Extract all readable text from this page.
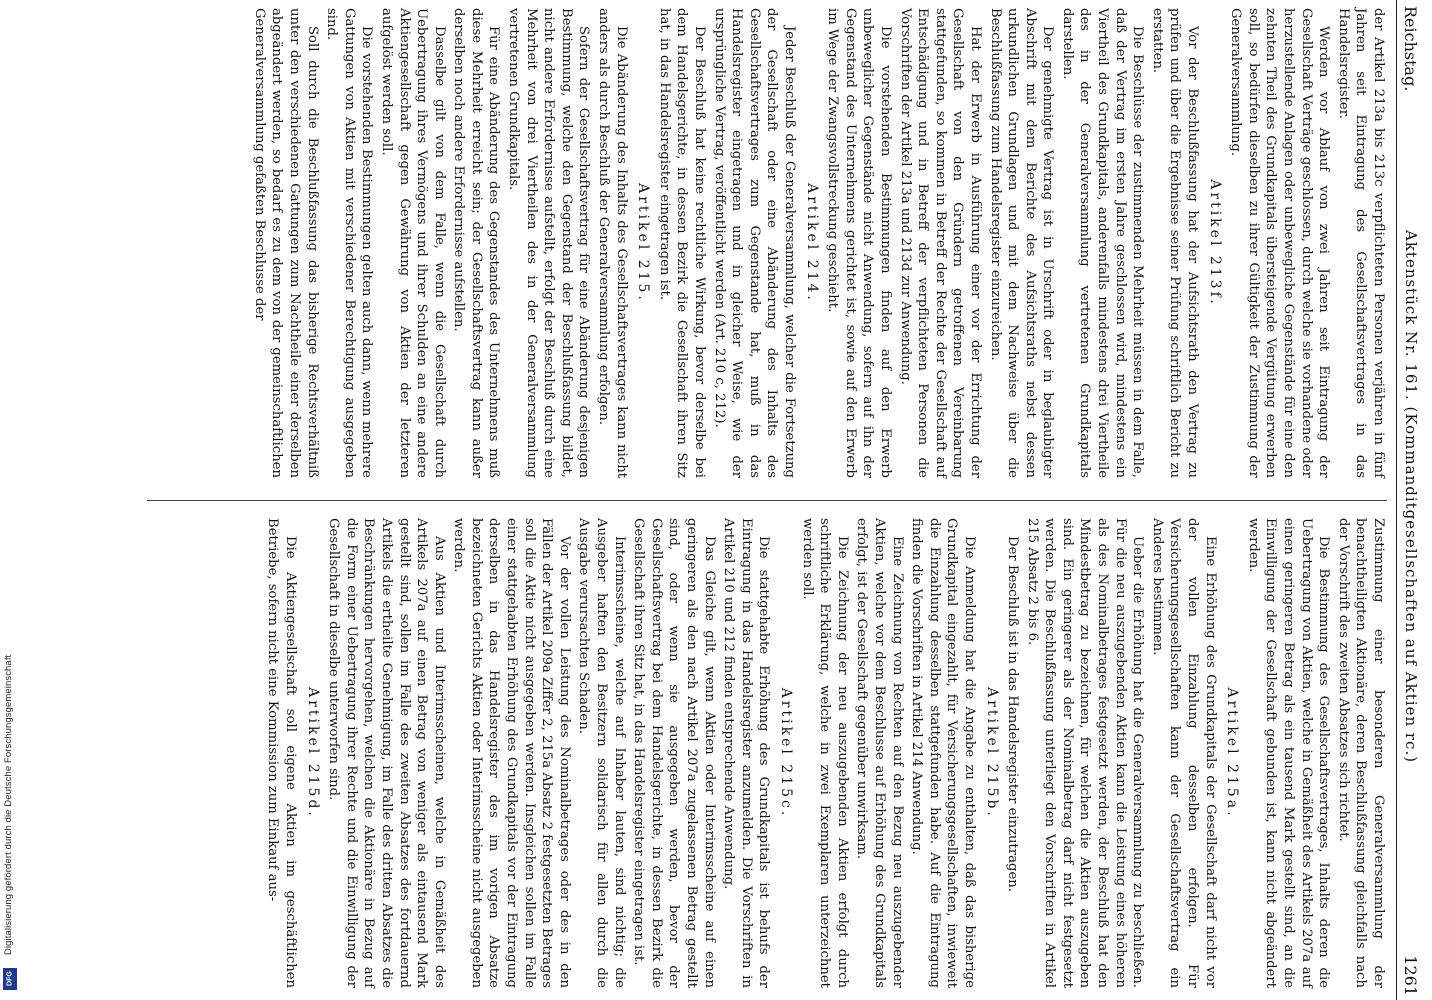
Digitalisierung gefördert durch die Deutsche Forschungsgemeinschaft
DFG
Reichstag.
Aktenstück Nr. 161. (Kommanditgesellschaften auf Aktien rc.)
1261

der Artikel 213a bis 213c verpflichteten Personen verjähren in fünf Jahren seit Eintragung des Gesellschaftsvertrages in das Handelsregister.

Werden vor Ablauf von zwei Jahren seit Eintragung der Gesellschaft Verträge geschlossen, durch welche sie vorhandene oder herzustellende Anlagen oder unbewegliche Gegenstände für eine den zehnten Theil des Grundkapitals übersteigende Vergütung erwerben soll, so bedürfen dieselben zu ihrer Gültigkeit der Zustimmung der Generalversammlung.

Artikel 213f.

Vor der Beschlußfassung hat der Aufsichtsrath den Vertrag zu prüfen und über die Ergebnisse seiner Prüfung schriftlich Bericht zu erstatten.

Die Beschlüsse der zustimmenden Mehrheit müssen in dem Falle, daß der Vertrag im ersten Jahre geschlossen wird, mindestens ein Viertheil des Grundkapitals, anderenfalls mindestens drei Viertheile des in der Generalversammlung vertretenen Grundkapitals darstellen.

Der genehmigte Vertrag ist in Urschrift oder in beglaubigter Abschrift mit dem Berichte des Aufsichtsraths nebst dessen urkundlichen Grundlagen und mit dem Nachweise über die Beschlußfassung zum Handelsregister einzureichen.

Hat der Erwerb in Ausführung einer vor der Errichtung der Gesellschaft von den Gründern getroffenen Vereinbarung stattgefunden, so kommen in Betreff der Rechte der Gesellschaft auf Entschädigung und in Betreff der verpflichteten Personen die Vorschriften der Artikel 213a und 213d zur Anwendung.

Die vorstehenden Bestimmungen finden auf den Erwerb unbeweglicher Gegenstände nicht Anwendung, sofern auf ihn der Gegenstand des Unternehmens gerichtet ist, sowie auf den Erwerb im Wege der Zwangsvollstreckung geschieht.

Artikel 214.

Jeder Beschluß der Generalversammlung, welcher die Fortsetzung der Gesellschaft oder eine Abänderung des Inhalts des Gesellschaftsvertrages zum Gegenstande hat, muß in das Handelsregister eingetragen und in gleicher Weise, wie der ursprüngliche Vertrag, veröffentlicht werden (Art. 210 c, 212).

Der Beschluß hat keine rechtliche Wirkung, bevor derselbe bei dem Handelsgerichte, in dessen Bezirk die Gesellschaft ihren Sitz hat, in das Handelsregister eingetragen ist.

Artikel 215.

Die Abänderung des Inhalts des Gesellschaftsvertrages kann nicht anders als durch Beschluß der Generalversammlung erfolgen.

Sofern der Gesellschaftsvertrag für eine Abänderung desjenigen Bestimmung, welche den Gegenstand der Beschlußfassung bildet, nicht andere Erfordernisse aufstellt, erfolgt der Beschluß durch eine Mehrheit von drei Viertheilen des in der Generalversammlung vertretenen Grundkapitals.

Für eine Abänderung des Gegenstandes des Unternehmens muß diese Mehrheit erreicht sein; der Gesellschaftsvertrag kann außer derselben noch andere Erfordernisse aufstellen.

Dasselbe gilt von dem Falle, wenn die Gesellschaft durch Uebertragung ihres Vermögens und ihrer Schulden an eine andere Aktiengesellschaft gegen Gewährung von Aktien der letzteren aufgelöst werden soll.

Die vorstehenden Bestimmungen gelten auch dann, wenn mehrere Gattungen von Aktien mit verschiedener Berechtigung ausgegeben sind.

Soll durch die Beschlußfassung das bisherige Rechtsverhältniß unter den verschiedenen Gattungen zum Nachtheile einer derselben abgeändert werden, so bedarf es zu dem von der gemeinschaftlichen Generalversammlung gefaßten Beschlusse der

Zustimmung einer besonderen Generalversammlung der benachtheiligten Aktionäre, deren Beschlußfassung gleichfalls nach der Vorschrift des zweiten Absatzes sich richtet.

Die Bestimmung des Gesellschaftsvertrages, Inhalts deren die Uebertragung von Aktien, welche in Gemäßheit des Artikels 207a auf einen geringeren Betrag als ein tausend Mark gestellt sind, an die Einwilligung der Gesellschaft gebunden ist, kann nicht abgeändert werden.

Artikel 215a.

Eine Erhöhung des Grundkapitals der Gesellschaft darf nicht vor der vollen Einzahlung desselben erfolgen. Für Versicherungsgesellschaften kann der Gesellschaftsvertrag ein Anderes bestimmen.

Ueber die Erhöhung hat die Generalversammlung zu beschließen. Für die neu auszugebenden Aktien kann die Leistung eines höheren als des Nominalbetrages festgesetzt werden, der Beschluß hat den Mindestbetrag zu bezeichnen, für welchen die Aktien auszugeben sind. Ein geringerer als der Nominalbetrag darf nicht festgesetzt werden. Die Beschlußfassung unterliegt den Vorschriften in Artikel 215 Absatz 2 bis 6.

Der Beschluß ist in das Handelsregister einzutragen.

Artikel 215b.

Die Anmeldung hat die Angabe zu enthalten, daß das bisherige Grundkapital eingezahlt, für Versicherungsgesellschaften, inwieweit die Einzahlung desselben stattgefunden habe. Auf die Eintragung finden die Vorschriften in Artikel 214 Anwendung.

Eine Zeichnung von Rechten auf den Bezug neu auszugebender Aktien, welche vor dem Beschlusse auf Erhöhung des Grundkapitals erfolgt, ist der Gesellschaft gegenüber unwirksam.

Die Zeichnung der neu auszugebenden Aktien erfolgt durch schriftliche Erklärung, welche in zwei Exemplaren unterzeichnet werden soll.

Artikel 215c.

Die stattgehabte Erhöhung des Grundkapitals ist behufs der Eintragung in das Handelsregister anzumelden. Die Vorschriften in Artikel 210 und 212 finden entsprechende Anwendung.

Das Gleiche gilt, wenn Aktien oder Interimsscheine auf einen geringeren als den nach Artikel 207a zugelassenen Betrag gestellt sind, oder wenn sie ausgegeben werden, bevor der Gesellschaftsvertrag bei dem Handelsgerichte, in dessen Bezirk die Gesellschaft ihren Sitz hat, in das Handelsregister eingetragen ist.

Interimsscheine, welche auf Inhaber lauten, sind nichtig; die Ausgeber haften den Besitzern solidarisch für allen durch die Ausgabe verursachten Schaden.

Vor der vollen Leistung des Nominalbetrages oder des in den Fällen der Artikel 209a Ziffer 2, 215a Absatz 2 festgesetzten Betrages soll die Aktie nicht ausgegeben werden. Insgleichen sollen im Falle einer stattgehabten Erhöhung des Grundkapitals vor der Eintragung derselben in das Handelsregister des im vorigen Absatze bezeichneten Gerichts Aktien oder Interimsscheine nicht ausgegeben werden.

Aus Aktien und Interimsscheinen, welche in Gemäßheit des Artikels 207a auf einen Betrag von weniger als eintausend Mark gestellt sind, sollen im Falle des zweiten Absatzes des fortdauernd Artikels die ertheilte Genehmigung, im Falle des dritten Absatzes die Beschränkungen hervorgehen, welchen die Aktionäre in Bezug auf die Form einer Uebertragung ihrer Rechte und die Einwilligung der Gesellschaft in dieselbe unterworfen sind.

Artikel 215d.

Die Aktiengesellschaft soll eigene Aktien im geschäftlichen Betriebe, sofern nicht eine Kommission zum Einkauf aus-
